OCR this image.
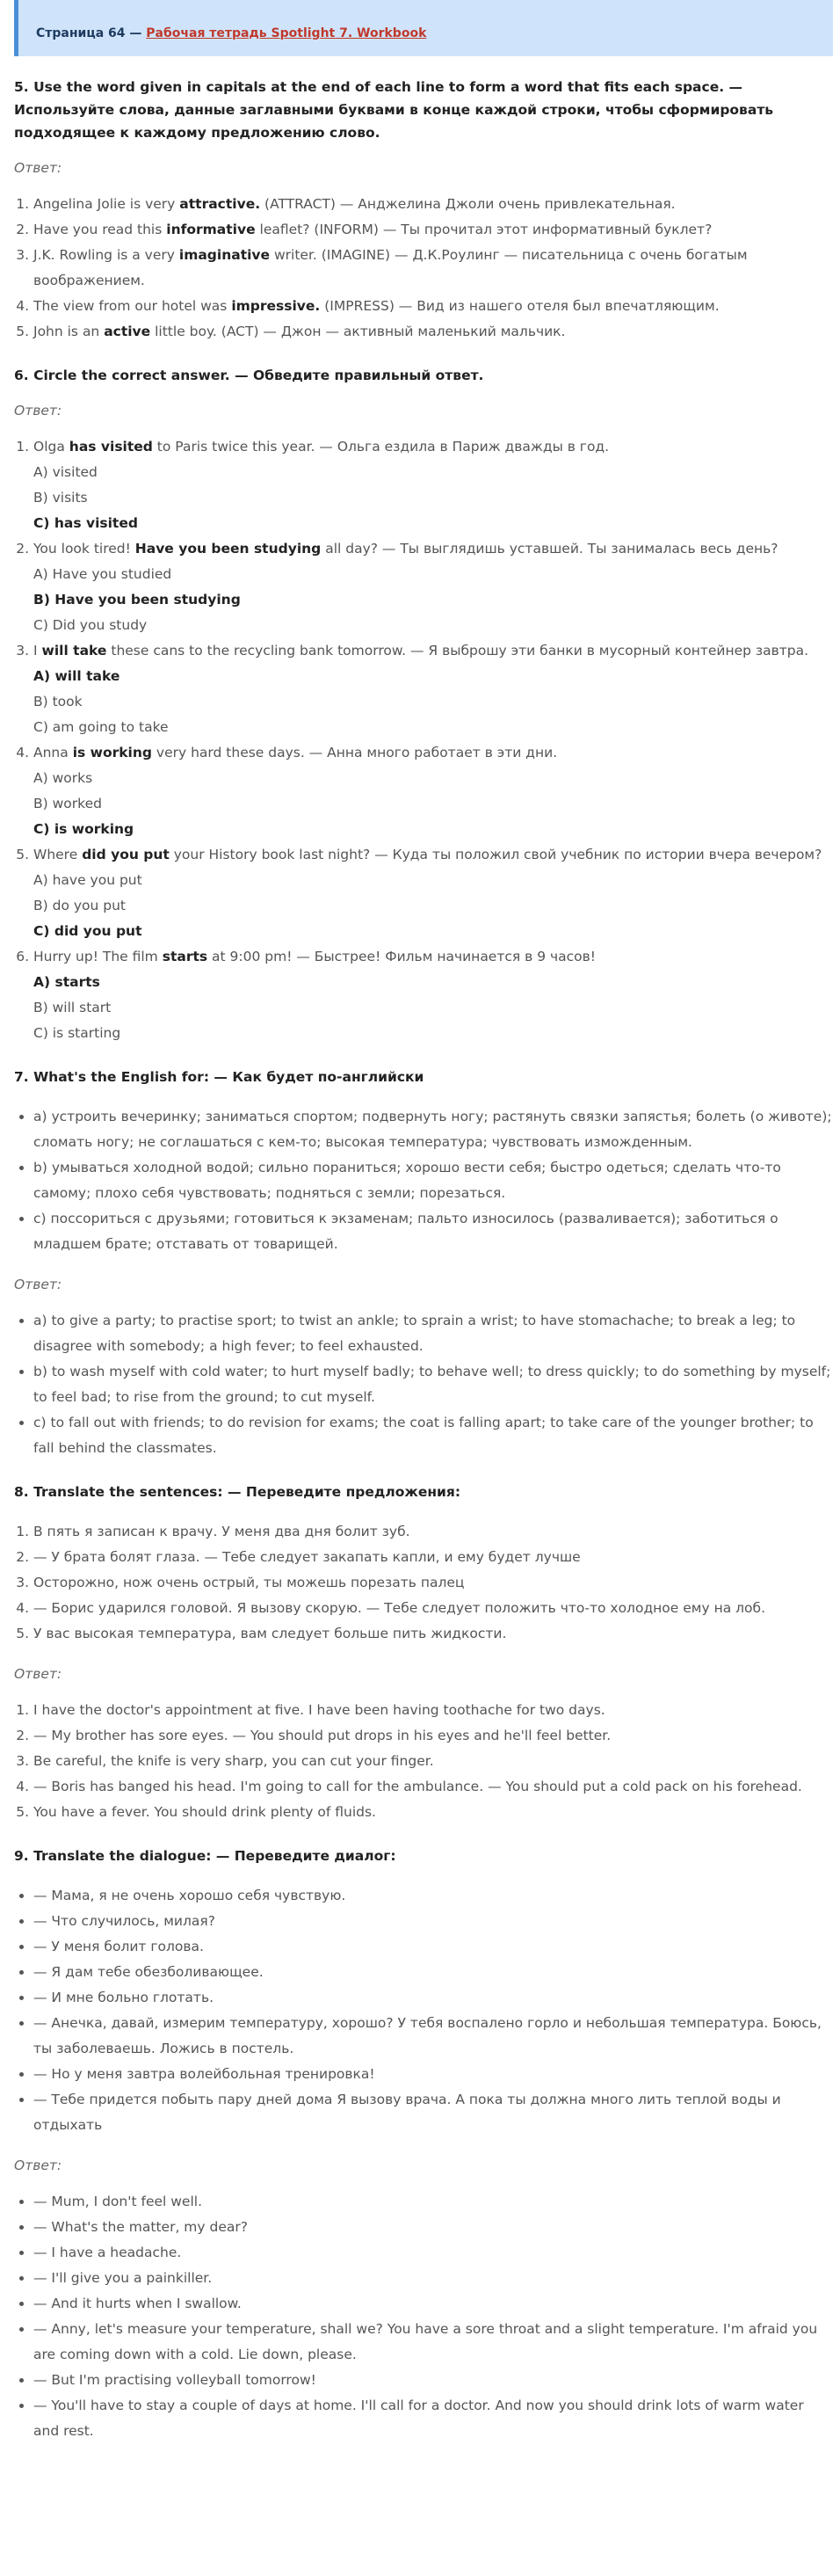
Страница 64 — Рабочая тетрадь Spotlight 7. Workbook
5. Use the word given in capitals at the end of each line to form a word that fits each space. — Используйте слова, данные заглавными буквами в конце каждой строки, чтобы сформировать подходящее к каждому предложению слово.
Ответ:
1. Angelina Jolie is very attractive. (ATTRACT) — Анджелина Джоли очень привлекательная.
2. Have you read this informative leaflet? (INFORM) — Ты прочитал этот информативный буклет?
3. J.K. Rowling is a very imaginative writer. (IMAGINE) — Д.К.Роулинг — писательница с очень богатым воображением.
4. The view from our hotel was impressive. (IMPRESS) — Вид из нашего отеля был впечатляющим.
5. John is an active little boy. (ACT) — Джон — активный маленький мальчик.
6. Circle the correct answer. — Обведите правильный ответ.
Ответ:
1. Olga has visited to Paris twice this year. — Ольга ездила в Париж дважды в год.
A) visited
B) visits
C) has visited
2. You look tired! Have you been studying all day? — Ты выглядишь уставшей. Ты занималась весь день?
A) Have you studied
B) Have you been studying
C) Did you study
3. I will take these cans to the recycling bank tomorrow. — Я выброшу эти банки в мусорный контейнер завтра.
A) will take
B) took
C) am going to take
4. Anna is working very hard these days. — Анна много работает в эти дни.
A) works
B) worked
C) is working
5. Where did you put your History book last night? — Куда ты положил свой учебник по истории вчера вечером?
A) have you put
B) do you put
C) did you put
6. Hurry up! The film starts at 9:00 pm! — Быстрее! Фильм начинается в 9 часов!
A) starts
B) will start
C) is starting
7. What's the English for: — Как будет по-английски
• a) устроить вечеринку; заниматься спортом; подвернуть ногу; растянуть связки запястья; болеть (о животе); сломать ногу; не соглашаться с кем-то; высокая температура; чувствовать изможденным.
• b) умываться холодной водой; сильно пораниться; хорошо вести себя; быстро одеться; сделать что-то самому; плохо себя чувствовать; подняться с земли; порезаться.
• c) поссориться с друзьями; готовиться к экзаменам; пальто износилось (разваливается); заботиться о младшем брате; отставать от товарищей.
Ответ:
• a) to give a party; to practise sport; to twist an ankle; to sprain a wrist; to have stomachache; to break a leg; to disagree with somebody; a high fever; to feel exhausted.
• b) to wash myself with cold water; to hurt myself badly; to behave well; to dress quickly; to do something by myself; to feel bad; to rise from the ground; to cut myself.
• c) to fall out with friends; to do revision for exams; the coat is falling apart; to take care of the younger brother; to fall behind the classmates.
8. Translate the sentences: — Переведите предложения:
1. В пять я записан к врачу. У меня два дня болит зуб.
2. — У брата болят глаза. — Тебе следует закапать капли, и ему будет лучше
3. Осторожно, нож очень острый, ты можешь порезать палец
4. — Борис ударился головой. Я вызову скорую. — Тебе следует положить что-то холодное ему на лоб.
5. У вас высокая температура, вам следует больше пить жидкости.
Ответ:
1. I have the doctor's appointment at five. I have been having toothache for two days.
2. — My brother has sore eyes. — You should put drops in his eyes and he'll feel better.
3. Be careful, the knife is very sharp, you can cut your finger.
4. — Boris has banged his head. I'm going to call for the ambulance. — You should put a cold pack on his forehead.
5. You have a fever. You should drink plenty of fluids.
9. Translate the dialogue: — Переведите диалог:
• — Мама, я не очень хорошо себя чувствую.
• — Что случилось, милая?
• — У меня болит голова.
• — Я дам тебе обезболивающее.
• — И мне больно глотать.
• — Анечка, давай, измерим температуру, хорошо? У тебя воспалено горло и небольшая температура. Боюсь, ты заболеваешь. Ложись в постель.
• — Но у меня завтра волейбольная тренировка!
• — Тебе придется побыть пару дней дома Я вызову врача. А пока ты должна много лить теплой воды и отдыхать
Ответ:
• — Mum, I don't feel well.
• — What's the matter, my dear?
• — I have a headache.
• — I'll give you a painkiller.
• — And it hurts when I swallow.
• — Anny, let's measure your temperature, shall we? You have a sore throat and a slight temperature. I'm afraid you are coming down with a cold. Lie down, please.
• — But I'm practising volleyball tomorrow!
• — You'll have to stay a couple of days at home. I'll call for a doctor. And now you should drink lots of warm water and rest.
